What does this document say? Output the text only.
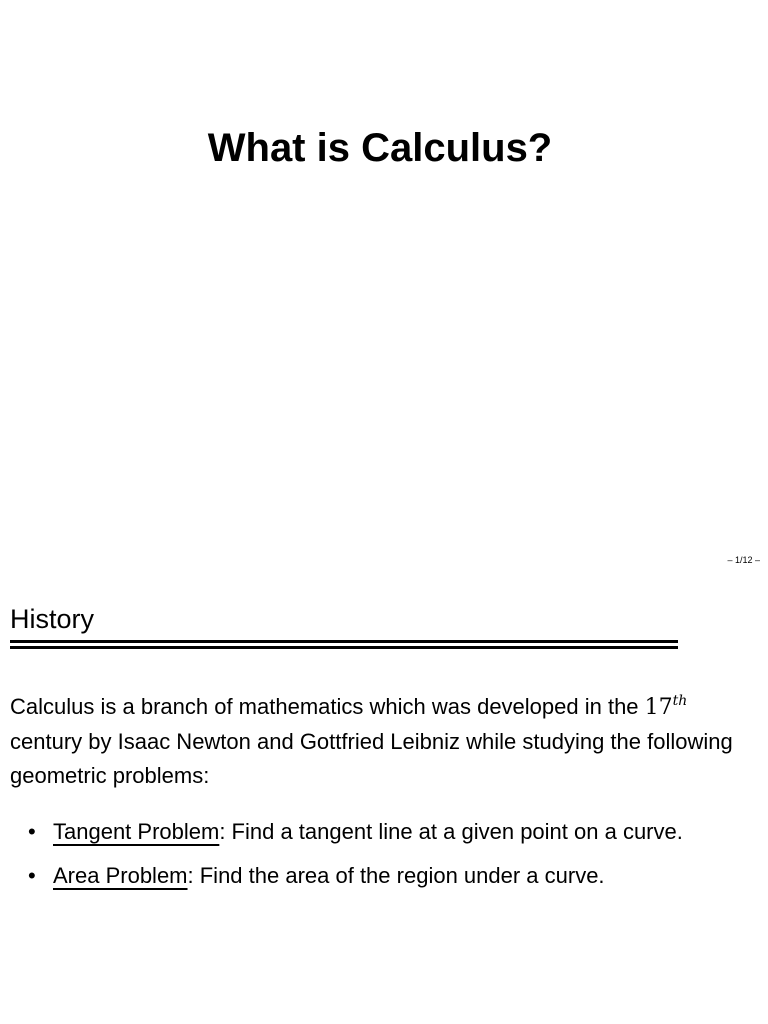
What is Calculus?
– 1/12 –
History
Calculus is a branch of mathematics which was developed in the 17th century by Isaac Newton and Gottfried Leibniz while studying the following geometric problems:
• Tangent Problem: Find a tangent line at a given point on a curve.
• Area Problem: Find the area of the region under a curve.
